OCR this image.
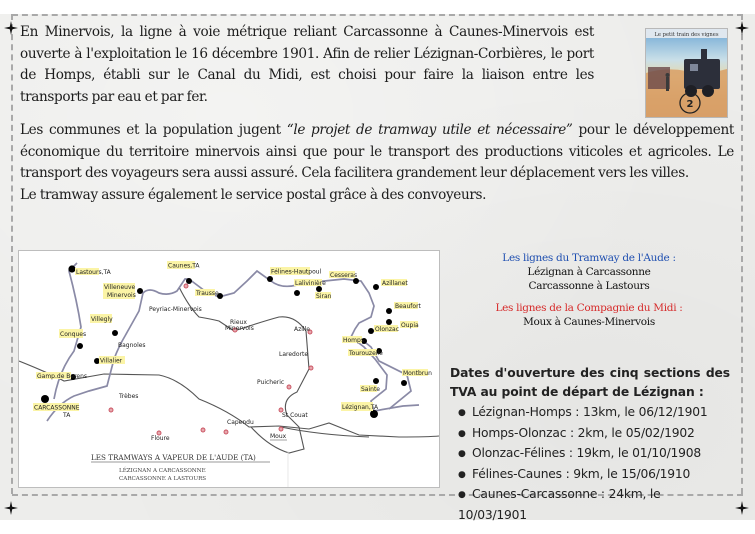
En Minervois, la ligne à voie métrique reliant Carcassonne à Caunes-Minervois est ouverte à l'exploitation le 16 décembre 1901. Afin de relier Lézignan-Corbières, le port de Homps, établi sur le Canal du Midi, est choisi pour faire la liaison entre les transports par eau et par fer.

Les communes et la population jugent “le projet de tramway utile et nécessaire” pour le développement économique du territoire minervois ainsi que pour le transport des productions viticoles et agricoles. Le transport des voyageurs sera aussi assuré. Cela facilitera grandement leur déplacement vers les villes.
Le tramway assure également le service postal grâce à des convoyeurs.

Le petit train des vignes
2
Lastours,TA
Caunes,TA
Trausse
Villeneuve
Minervois
Villegly
Conques
Bagnoles
Villalier
Gamp.de Berens
CARCASSONNE
TA
Félines-Hautpoul
Lalivinière
Siran
Cesseras
Azillanet
Beaufort
Oupia
Olonzac
Homps
Tourouzelle
Sainte
Montbrun
Lézignan,TA
Peyriac-Minervois
Rieux
Minervois	Azille
Laredorte
Puicheric
St Couat
Moux
Capendu
Floure
Trèbes
LES TRAMWAYS A VAPEUR DE L'AUDE (TA)
LÉZIGNAN A CARCASSONNE
CARCASSONNE A LASTOURS
Les lignes du Tramway de l'Aude :
Lézignan à Carcassonne
Carcassonne à Lastours
Les lignes de la Compagnie du Midi :
Moux à Caunes-Minervois
Dates d'ouverture des cinq sections des TVA au point de départ de Lézignan :
● Lézignan-Homps : 13km, le 06/12/1901
● Homps-Olonzac : 2km, le 05/02/1902
● Olonzac-Félines : 19km, le 01/10/1908
● Félines-Caunes : 9km, le 15/06/1910
● Caunes-Carcassonne : 24km, le 10/03/1901
